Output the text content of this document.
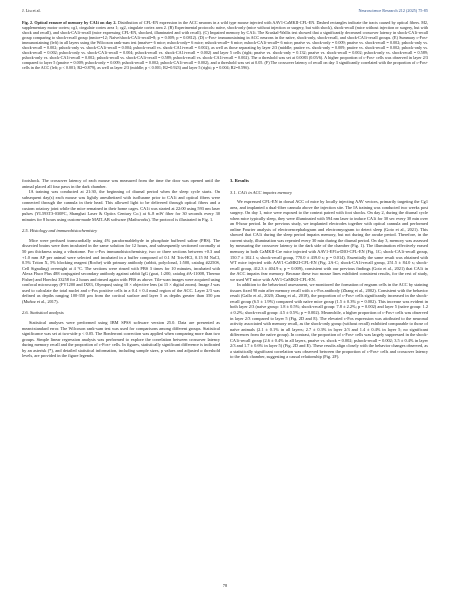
J. Liu et al.	Neuroscience Research 212 (2025) 75-85
Fig. 2. Optical erasure of memory by CA1i on day 2. Distribution of CFL-EN expression in the ACC neurons in a wild type mouse injected with AAV1-CaMKII-CFL-EN. Dashed rectangles indicate the tracts caused by optical fibers. M2, supplementary motor cortex; cg1, cingulate cortex area 1; cg2, cingulate cortex area 2. (B) Experimental protocols: naïve, shock-only (mice without injection or surgery, but with shock), shock-recall (mice without injection or surgery, but with shock and recall), and shock-CA1i-recall (mice expressing CFL-EN, shocked, illuminated and with recall). (C) Impaired memory by CA1i. The Kruskal-Wallis test showed that a significantly decreased crossover latency in shock-CA1i-recall group comparing to shock-recall group (nmice=12; Naïve/shock-CA1i-recall=8; p = 0.009; p = 0.0812). (D) c-Fos+ immunostaining in ACC neurons in the naïve, shock-only, shock-recall, and shock-CA1i-recall groups. (E) Summary c-Fos+ immunostaining (left) in all layers using the Wilcoxon rank-sum test (nnaïve= 6 mice; nshock-only= 6 mice; nshock-recall= 6 mice; nshock-CA1i-recall= 6 mice; pnaïve vs. shock-only = 0.009; pnaïve vs. shock-recall = 0.002; pshock-only vs. shock-recall = 0.002; pshock-only vs. shock-CA1i-recall = 0.004; pshock-recall vs. shock-CA1i-recall = 0.002), as well as those separating by layer 2/3 (middle; pnaïve vs. shock-only = 0.009; pnaïve vs. shock-recall = 0.002; pshock-only vs. shock-recall = 0.002; pshock-only vs. shock-CA1i-recall = 0.004; pshock-recall vs. shock-CA1i-recall = 0.002) and layer 5 cells (right; pnaïve vs. shock-only = 0.132; pnaïve vs. shock-recall = 0.002; pshock-only vs. shock-recall = 0.589; pshock-only vs. shock-CA1i-recall = 0.002; pshock-recall vs. shock-CA1i-recall = 0.589; pshock-recall vs. shock-CA1i-recall = 0.002). The α threshold was set at 0.0083 (0.05/6). A higher proportion of c-Fos+ cells was observed in layer 2/3 compared to layer 5 (pnaïve = 0.009; pshock-only = 0.009; pshock-recall = 0.002; pshock-CA1i-recall = 0.002), and α threshold was set at 0.05. (F) The crossover latency of recall on day 3 significantly correlated with the proportion of c-Fos+ cells in the ACC (left; p < 0.001; R2=0.879), as well as layer 2/3 (middle; p < 0.001; R2=0.923) and layer 5 (right; p = 0.004; R2=0.596).

footshock. The crossover latency of each mouse was measured from the time the door was opened until the animal placed all four paws in the dark chamber.

IA training was conducted at 21:30, the beginning of diurnal period when the sleep cycle starts. On subsequent day(s) each mouse was lightly anesthetized with isoflurane prior to CA1i and optical fibers were connected through the cannula in their head. This allowed light to be delivered through optical fibers and a custom rotatory joint while the mice remained in their home cages. CA1i was started at 22:00 using 593 nm laser pulses (YL593T3-030FC, Shanghai Laser & Optics Century Co.) at 6–8 mW fiber for 30 seconds every 30 minutes for 8 hours using custom-made MATLAB software (Mathworks). The protocol is illustrated in Fig. 1.

2.5. Histology and immunohistochemistry

Mice were perfused transcardially using 4% paraformaldehyde in phosphate buffered saline (PBS). The dissected brains were then incubated in the same solution for 12 hours, and subsequently sectioned coronally at 50 μm thickness using a vibratome. For c-Fos immunohistochemistry, two or three sections between +0.3 and +1.0 mm AP per animal were selected and incubated in a buffer composed of 0.1 M Tris-HCl, 0.15 M NaCl, 0.5% Triton X, 5% blocking reagent (Roche) with primary antibody (rabbit, polyclonal, 1:500, catalog #2250S, Cell Signaling) overnight at 4 °C. The sections were rinsed with PBS 3 times for 10 minutes, incubated with Alexa Fluor Plus 488 conjugated secondary antibody against rabbit IgG (goat, 1:200, catalog #A-11008, Thermo Fisher) and Hoechst 33258 for 2 hours and rinsed again with PBS as above. Tile-scan images were acquired using confocal microscopy (FV1200 and IX83, Olympus) using 10 × objective lens (at 15 × digital zoom). Image J was used to calculate the total nuclei and c-Fos positive cells in a 0.4 × 0.4 mm2 region of the ACC. Layer 2/3 was defined as depths ranging 100-350 μm from the cortical surface and layer 5 as depths greater than 350 μm (Muñoz et al., 2017).

2.6. Statistical analysis

Statistical analyses were performed using IBM SPSS software version 25.0. Data are presented as mean±standard error. The Wilcoxon rank-sum test was used for comparisons among different groups. Statistical significance was set at two-side p < 0.05. The Bonferroni correction was applied when comparing more than two groups. Simple linear regression analysis was performed to explore the correlation between crossover latency during memory recall and the proportion of c-Fos+ cells. In figures, statistically significant difference is indicated by an asterisk (*), and detailed statistical information, including sample sizes, p values and adjusted α threshold levels, are provided in the figure legends.

3. Results
3.1. CA1i in ACC impairs memory

We expressed CFL-EN in dorsal ACC of mice by locally injecting AAV vectors, primarily targeting the Cg1 area, and implanted a dual-fiber cannula above the injection site. The IA training was conducted two weeks post surgery. On day 1, mice were exposed to the context paired with foot shocks. On day 2, during the diurnal cycle when mice typically sleep, they were illuminated with 594 nm laser to induce CA1i for 30 sec every 30 min over an 8-hour period. In the previous study, we implanted electrodes together with optical cannula and performed online Fourier analysis of electroencephalogram and electromyogram to detect sleep (Goto et al., 2021). This showed that CA1i during the sleep period impairs memory, but not during the awake period. Therefore, in the current study, illumination was repeated every 30 min during the diurnal period. On day 3, memory was assessed by measuring the crossover latency to the dark side of the chamber (Fig. 1). The illumination effectively erased memory in both CaMKII-Cre mice injected with AAV1-EF1a-DIO-CFL-EN (Fig. 1C; shock-CA1i-recall group, 150.7 ± 102.1 s; shock-recall group, 770.0 ± 439.0 s; p = 0.014). Essentially the same result was obtained with WT mice injected with AAV1-CaMKII-CFL-EN (Fig. 2A-C; shock-CA1i-recall group, 251.5 ± 84.0 s; shock-recall group, 412.3 ± 404.9 s; p = 0.009), consistent with our previous findings (Goto et al., 2021) that CA1i in the ACC impairs fear memory. Because these two mouse lines exhibited consistent results, for the rest of study, we used WT mice with AAV1-CaMKII-CFL-EN.

In addition to the behavioral assessment, we monitored the formation of engram cells in the ACC by staining tissues fixed 90 min after memory recall with a c-Fos antibody (Zhang et al., 2002). Consistent with the behavior result (Gallo et al., 2020; Zhang et al., 2018), the proportion of c-Fos+ cells significantly increased in the shock-recall group (6.5 ± 1.9%) compared with naïve mice group (1.5 ± 0.3% p = 0.002). This increase was evident in both layer 2/3 (naïve group: 1.8 ± 0.5%; shock-recall group: 7.8 ± 2.2%; p = 0.002) and layer 5 (naïve group: 1.2 ± 0.2%; shock-recall group: 4.5 ± 0.5%; p = 0.002). Meanwhile, a higher proportion of c-Fos+ cells was observed in layer 2/3 compared to layer 5 (Fig. 2D and E). The elevated c-Fos expression was attributed to the neuronal activity associated with memory recall, as the shock-only group (without recall) exhibited comparable to those of naïve animals (2.1 ± 0.1% in all layers; 2.7 ± 0.3% in layer 2/3 and 1.4 ± 0.4% in layer 5; no significant differences from the naïve group). In contrast, the proportion of c-Fos+ cells was largely suppressed in the shock-CA1i-recall group (2.6 ± 0.4% in all layers, pnaïve vs. shock = 0.002; pshock-recall = 0.002; 3.5 ± 0.4% in layer 2/3 and 1.7 ± 0.6% in layer 5) (Fig. 2D and E). These results align closely with the behavior changes observed, as a statistically significant correlation was observed between the proportion of c-Fos+ cells and crossover latency to the dark chamber, suggesting a causal relationship (Fig. 2F).

78
